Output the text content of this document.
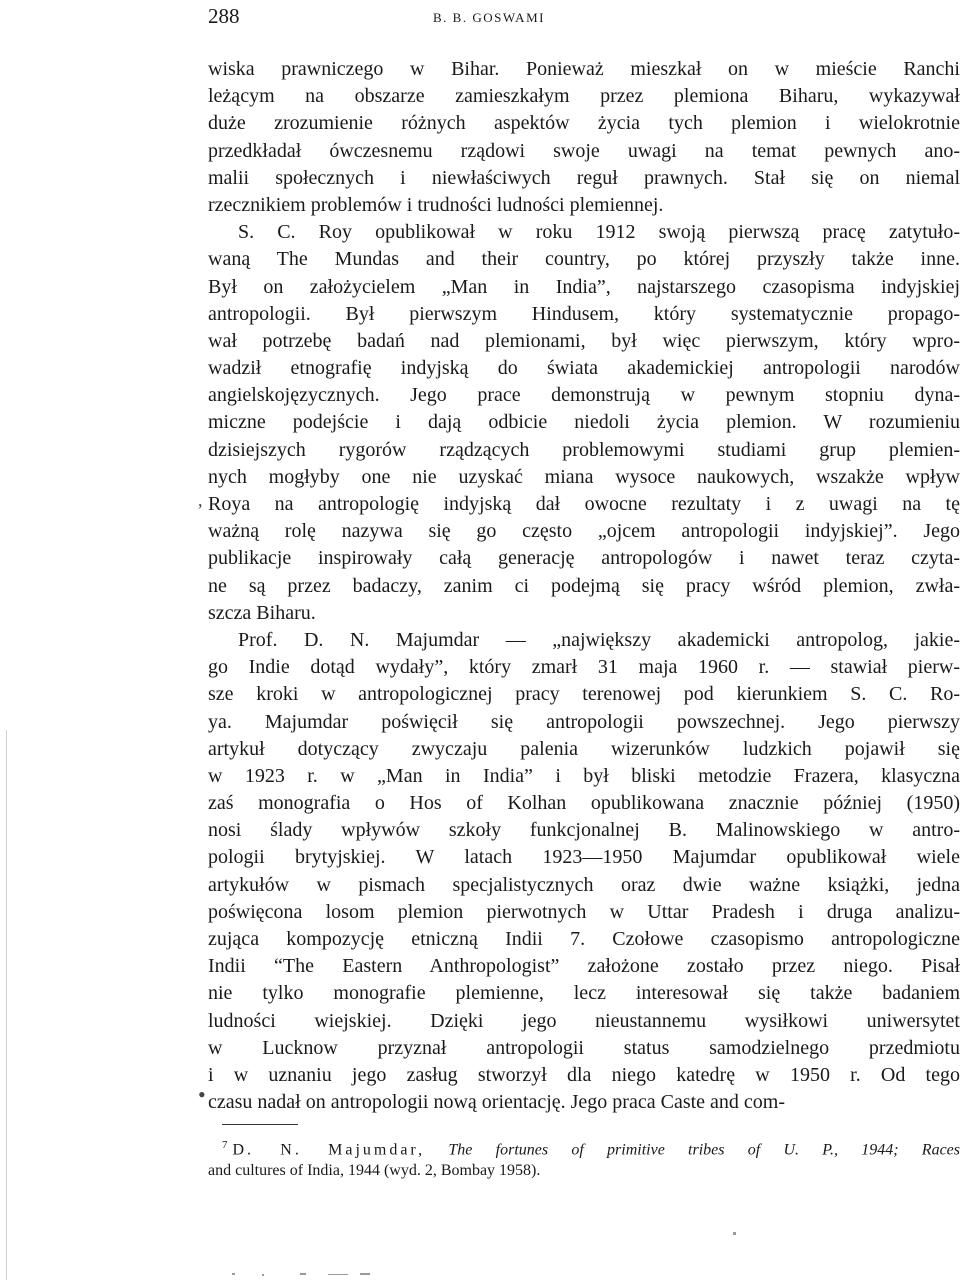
288	B. B. GOSWAMI
wiska prawniczego w Bihar. Ponieważ mieszkał on w mieście Ranchi
leżącym na obszarze zamieszkałym przez plemiona Biharu, wykazywał
duże zrozumienie różnych aspektów życia tych plemion i wielokrotnie
przedkładał ówczesnemu rządowi swoje uwagi na temat pewnych ano-
malii społecznych i niewłaściwych reguł prawnych. Stał się on niemal
rzecznikiem problemów i trudności ludności plemiennej.
S. C. Roy opublikował w roku 1912 swoją pierwszą pracę zatytuło-
waną The Mundas and their country, po której przyszły także inne.
Był on założycielem „Man in India”, najstarszego czasopisma indyjskiej
antropologii. Był pierwszym Hindusem, który systematycznie propago-
wał potrzebę badań nad plemionami, był więc pierwszym, który wpro-
wadził etnografię indyjską do świata akademickiej antropologii narodów
angielskojęzycznych. Jego prace demonstrują w pewnym stopniu dyna-
miczne podejście i dają odbicie niedoli życia plemion. W rozumieniu
dzisiejszych rygorów rządzących problemowymi studiami grup plemien-
nych mogłyby one nie uzyskać miana wysoce naukowych, wszakże wpływ
Roya na antropologię indyjską dał owocne rezultaty i z uwagi na tę
ważną rolę nazywa się go często „ojcem antropologii indyjskiej”. Jego
publikacje inspirowały całą generację antropologów i nawet teraz czyta-
ne są przez badaczy, zanim ci podejmą się pracy wśród plemion, zwła-
szcza Biharu.
Prof. D. N. Majumdar — „największy akademicki antropolog, jakie-
go Indie dotąd wydały”, który zmarł 31 maja 1960 r. — stawiał pierw-
sze kroki w antropologicznej pracy terenowej pod kierunkiem S. C. Ro-
ya. Majumdar poświęcił się antropologii powszechnej. Jego pierwszy
artykuł dotyczący zwyczaju palenia wizerunków ludzkich pojawił się
w 1923 r. w „Man in India” i był bliski metodzie Frazera, klasyczna
zaś monografia o Hos of Kolhan opublikowana znacznie później (1950)
nosi ślady wpływów szkoły funkcjonalnej B. Malinowskiego w antro-
pologii brytyjskiej. W latach 1923—1950 Majumdar opublikował wiele
artykułów w pismach specjalistycznych oraz dwie ważne książki, jedna
poświęcona losom plemion pierwotnych w Uttar Pradesh i druga analizu-
zująca kompozycję etniczną Indii 7. Czołowe czasopismo antropologiczne
Indii “The Eastern Anthropologist” założone zostało przez niego. Pisał
nie tylko monografie plemienne, lecz interesował się także badaniem
ludności wiejskiej. Dzięki jego nieustannemu wysiłkowi uniwersytet
w Lucknow przyznał antropologii status samodzielnego przedmiotu
i w uznaniu jego zasług stworzył dla niego katedrę w 1950 r. Od tego
czasu nadał on antropologii nową orientację. Jego praca Caste and com-
,
•
$^7$ D. N. Majumdar, The fortunes of primitive tribes of U. P., 1944; Races
and cultures of India, 1944 (wyd. 2, Bombay 1958).
